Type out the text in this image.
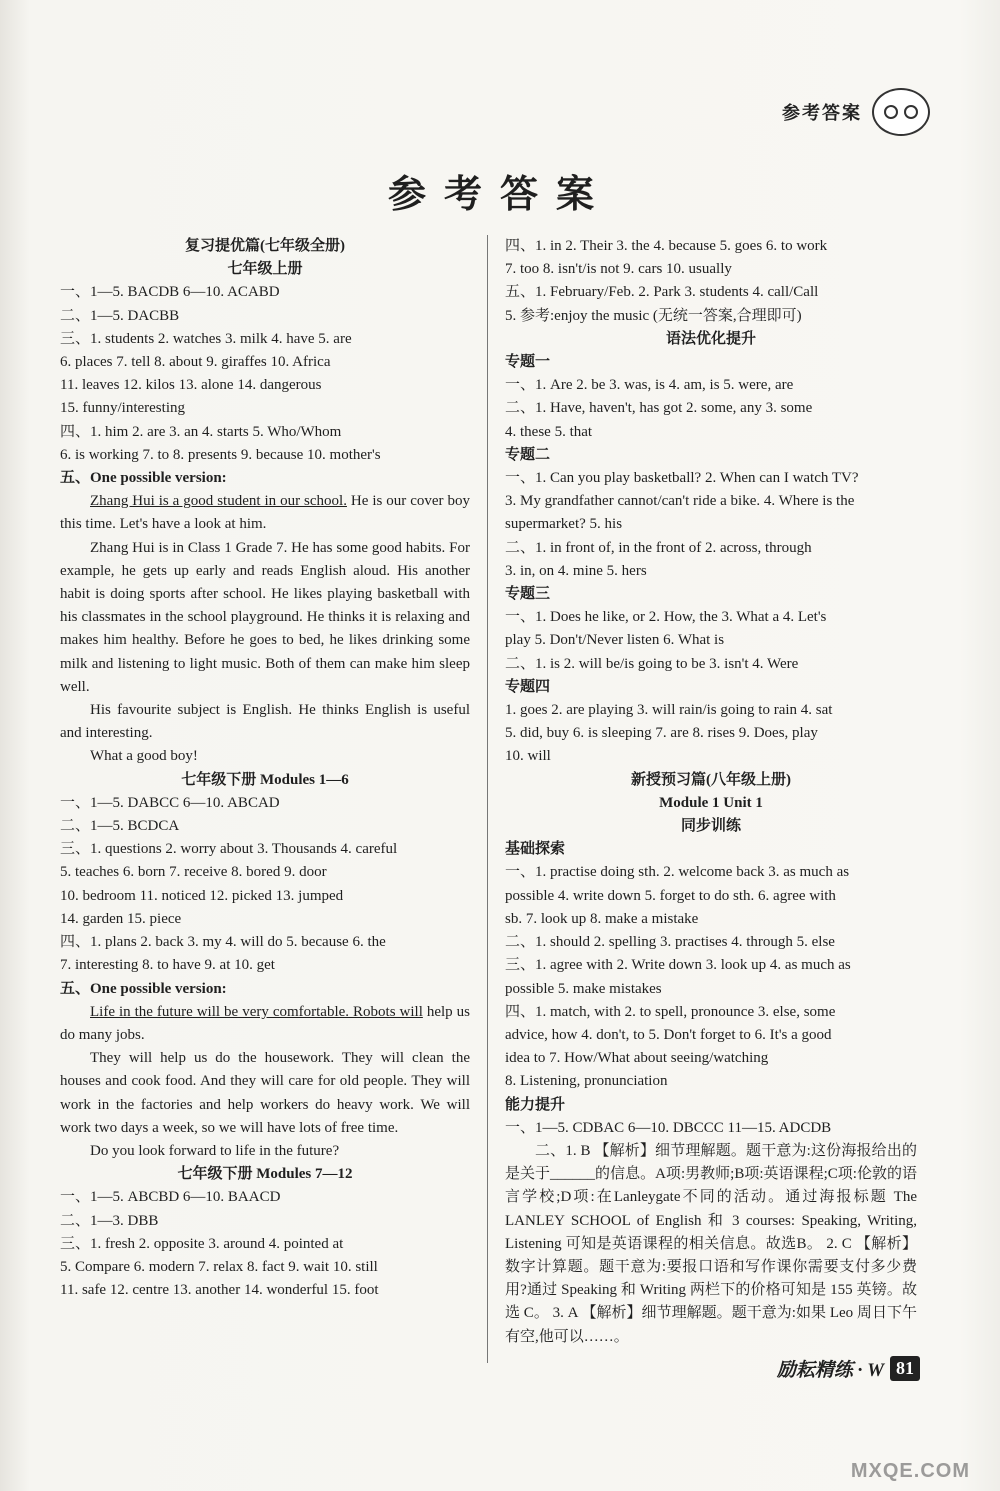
参考答案
参考答案
复习提优篇(七年级全册)
七年级上册
一、1—5. BACDB 6—10. ACABD
二、1—5. DACBB
三、1. students 2. watches 3. milk 4. have 5. are
6. places 7. tell 8. about 9. giraffes 10. Africa
11. leaves 12. kilos 13. alone 14. dangerous
15. funny/interesting
四、1. him 2. are 3. an 4. starts 5. Who/Whom
6. is working 7. to 8. presents 9. because 10. mother's
五、One possible version:
Zhang Hui is a good student in our school. He is our cover boy this time. Let's have a look at him.
Zhang Hui is in Class 1 Grade 7. He has some good habits. For example, he gets up early and reads English aloud. His another habit is doing sports after school. He likes playing basketball with his classmates in the school playground. He thinks it is relaxing and makes him healthy. Before he goes to bed, he likes drinking some milk and listening to light music. Both of them can make him sleep well.
His favourite subject is English. He thinks English is useful and interesting.
What a good boy!
七年级下册 Modules 1—6
一、1—5. DABCC 6—10. ABCAD
二、1—5. BCDCA
三、1. questions 2. worry about 3. Thousands 4. careful
5. teaches 6. born 7. receive 8. bored 9. door
10. bedroom 11. noticed 12. picked 13. jumped
14. garden 15. piece
四、1. plans 2. back 3. my 4. will do 5. because 6. the
7. interesting 8. to have 9. at 10. get
五、One possible version:
Life in the future will be very comfortable. Robots will help us do many jobs.
They will help us do the housework. They will clean the houses and cook food. And they will care for old people. They will work in the factories and help workers do heavy work. We will work two days a week, so we will have lots of free time.
Do you look forward to life in the future?
七年级下册 Modules 7—12
一、1—5. ABCBD 6—10. BAACD
二、1—3. DBB
三、1. fresh 2. opposite 3. around 4. pointed at
5. Compare 6. modern 7. relax 8. fact 9. wait 10. still
11. safe 12. centre 13. another 14. wonderful 15. foot
四、1. in 2. Their 3. the 4. because 5. goes 6. to work
7. too 8. isn't/is not 9. cars 10. usually
五、1. February/Feb. 2. Park 3. students 4. call/Call
5. 参考:enjoy the music (无统一答案,合理即可)
语法优化提升
专题一
一、1. Are 2. be 3. was, is 4. am, is 5. were, are
二、1. Have, haven't, has got 2. some, any 3. some
4. these 5. that
专题二
一、1. Can you play basketball? 2. When can I watch TV?
3. My grandfather cannot/can't ride a bike. 4. Where is the
supermarket? 5. his
二、1. in front of, in the front of 2. across, through
3. in, on 4. mine 5. hers
专题三
一、1. Does he like, or 2. How, the 3. What a 4. Let's
play 5. Don't/Never listen 6. What is
二、1. is 2. will be/is going to be 3. isn't 4. Were
专题四
1. goes 2. are playing 3. will rain/is going to rain 4. sat
5. did, buy 6. is sleeping 7. are 8. rises 9. Does, play
10. will
新授预习篇(八年级上册)
Module 1 Unit 1
同步训练
基础探索
一、1. practise doing sth. 2. welcome back 3. as much as
possible 4. write down 5. forget to do sth. 6. agree with
sb. 7. look up 8. make a mistake
二、1. should 2. spelling 3. practises 4. through 5. else
三、1. agree with 2. Write down 3. look up 4. as much as
possible 5. make mistakes
四、1. match, with 2. to spell, pronounce 3. else, some
advice, how 4. don't, to 5. Don't forget to 6. It's a good
idea to 7. How/What about seeing/watching
8. Listening, pronunciation
能力提升
一、1—5. CDBAC 6—10. DBCCC 11—15. ADCDB
二、1. B 【解析】细节理解题。题干意为:这份海报给出的是关于______的信息。A项:男教师;B项:英语课程;C项:伦敦的语言学校;D项:在Lanleygate不同的活动。通过海报标题 The LANLEY SCHOOL of English 和 3 courses: Speaking, Writing, Listening 可知是英语课程的相关信息。故选B。 2. C 【解析】数字计算题。题干意为:要报口语和写作课你需要支付多少费用?通过 Speaking 和 Writing 两栏下的价格可知是 155 英镑。故选 C。 3. A 【解析】细节理解题。题干意为:如果 Leo 周日下午有空,他可以……。
励耘精练 · W 81
MXQE.COM
